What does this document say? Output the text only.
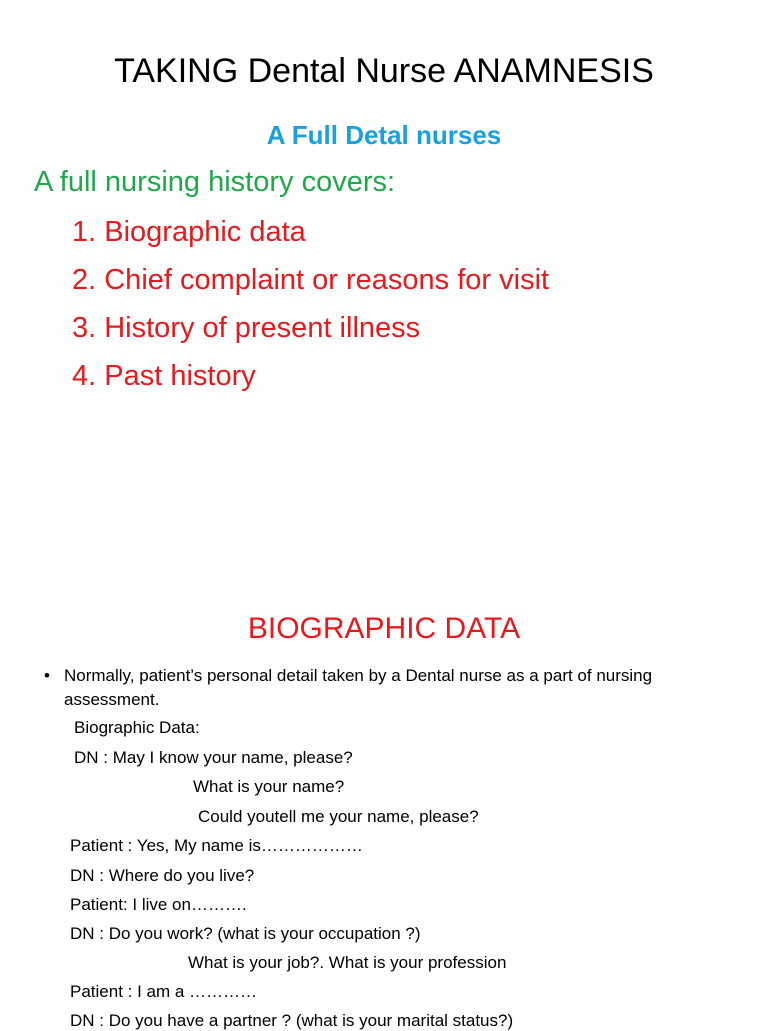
TAKING Dental Nurse ANAMNESIS
A Full Detal nurses
A full nursing history covers:
1. Biographic data
2. Chief complaint or reasons for visit
3. History of present illness
4. Past history
BIOGRAPHIC DATA
• Normally, patient’s personal detail taken by a Dental nurse as a part of nursing assessment.
Biographic Data:
DN : May I know your name, please?
What is your name?
Could youtell me your name, please?
Patient : Yes, My name is………………
DN : Where do you live?
Patient: I live on……….
DN : Do you work? (what is your occupation ?)
What is your job?. What is your profession
Patient : I am a …………
DN : Do you have a partner ? (what is your marital status?)
